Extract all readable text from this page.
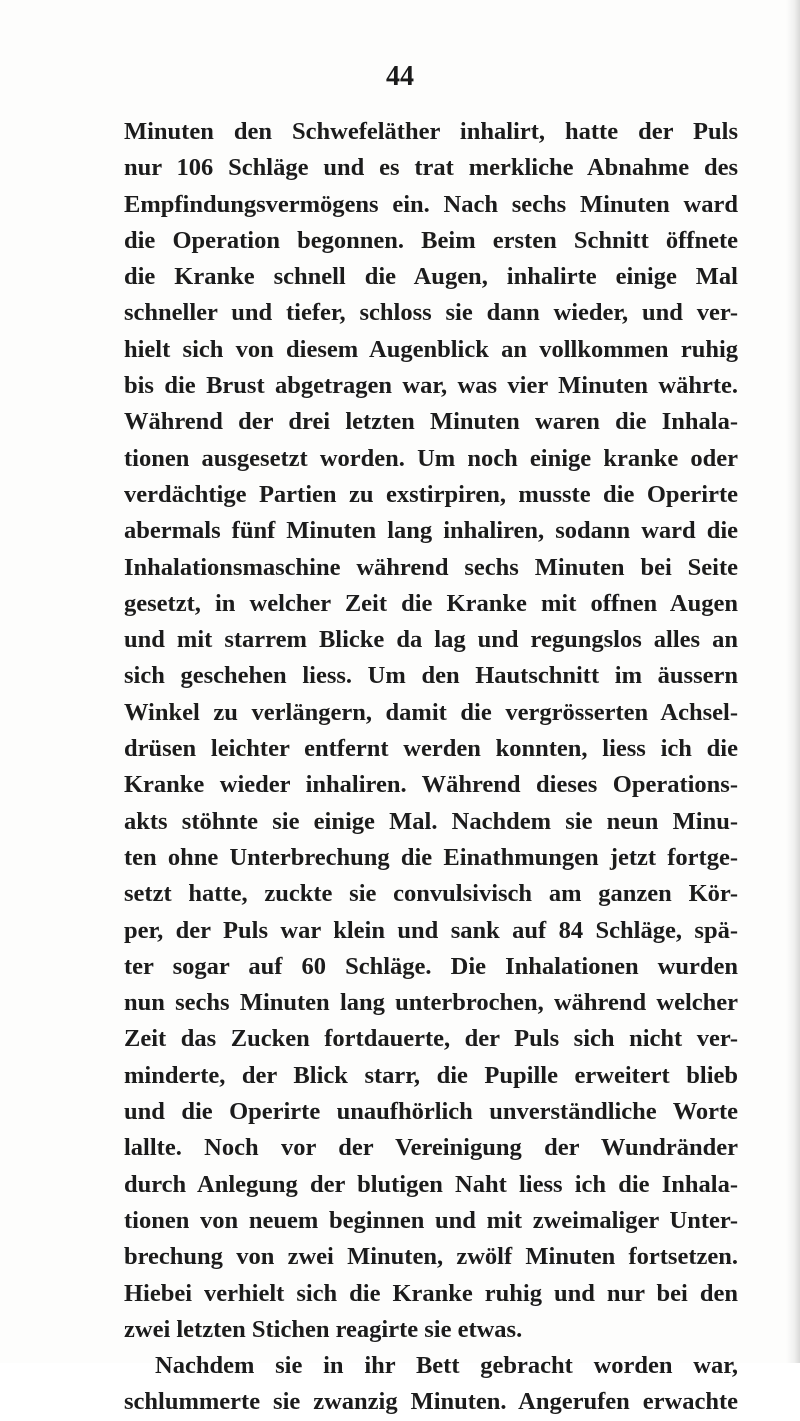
44
Minuten den Schwefeläther inhalirt, hatte der Puls
nur 106 Schläge und es trat merkliche Abnahme des
Empfindungsvermögens ein. Nach sechs Minuten ward
die Operation begonnen. Beim ersten Schnitt öffnete
die Kranke schnell die Augen, inhalirte einige Mal
schneller und tiefer, schloss sie dann wieder, und ver-
hielt sich von diesem Augenblick an vollkommen ruhig
bis die Brust abgetragen war, was vier Minuten währte.
Während der drei letzten Minuten waren die Inhala-
tionen ausgesetzt worden. Um noch einige kranke oder
verdächtige Partien zu exstirpiren, musste die Operirte
abermals fünf Minuten lang inhaliren, sodann ward die
Inhalationsmaschine während sechs Minuten bei Seite
gesetzt, in welcher Zeit die Kranke mit offnen Augen
und mit starrem Blicke da lag und regungslos alles an
sich geschehen liess. Um den Hautschnitt im äussern
Winkel zu verlängern, damit die vergrösserten Achsel-
drüsen leichter entfernt werden konnten, liess ich die
Kranke wieder inhaliren. Während dieses Operations-
akts stöhnte sie einige Mal. Nachdem sie neun Minu-
ten ohne Unterbrechung die Einathmungen jetzt fortge-
setzt hatte, zuckte sie convulsivisch am ganzen Kör-
per, der Puls war klein und sank auf 84 Schläge, spä-
ter sogar auf 60 Schläge. Die Inhalationen wurden
nun sechs Minuten lang unterbrochen, während welcher
Zeit das Zucken fortdauerte, der Puls sich nicht ver-
minderte, der Blick starr, die Pupille erweitert blieb
und die Operirte unaufhörlich unverständliche Worte
lallte. Noch vor der Vereinigung der Wundränder
durch Anlegung der blutigen Naht liess ich die Inhala-
tionen von neuem beginnen und mit zweimaliger Unter-
brechung von zwei Minuten, zwölf Minuten fortsetzen.
Hiebei verhielt sich die Kranke ruhig und nur bei den
zwei letzten Stichen reagirte sie etwas.
Nachdem sie in ihr Bett gebracht worden war,
schlummerte sie zwanzig Minuten. Angerufen erwachte
